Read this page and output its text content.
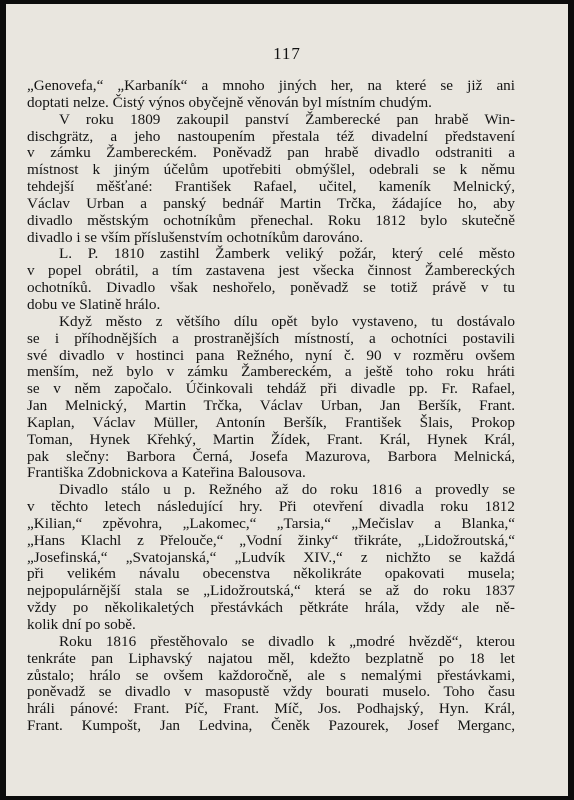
117
„Genovefa,“ „Karbaník“ a mnoho jiných her, na které se již ani
doptati nelze. Čistý výnos obyčejně věnován byl místním chudým.
V roku 1809 zakoupil panství Žamberecké pan hrabě Win-
dischgrätz, a jeho nastoupením přestala též divadelní představení
v zámku Žambereckém. Poněvadž pan hrabě divadlo odstraniti a
místnost k jiným účelům upotřebiti obmýšlel, odebrali se k němu
tehdejší měšťané: František Rafael, učitel, kameník Melnický,
Václav Urban a panský bednář Martin Trčka, žádajíce ho, aby
divadlo městským ochotníkům přenechal. Roku 1812 bylo skutečně
divadlo i se vším příslušenstvím ochotníkům darováno.
L. P. 1810 zastihl Žamberk veliký požár, který celé město
v popel obrátil, a tím zastavena jest všecka činnost Žambereckých
ochotníků. Divadlo však neshořelo, poněvadž se totiž právě v tu
dobu ve Slatině hrálo.
Když město z většího dílu opět bylo vystaveno, tu dostávalo
se i příhodnějších a prostranějších místností, a ochotníci postavili
své divadlo v hostinci pana Režného, nyní č. 90 v rozměru ovšem
menším, než bylo v zámku Žambereckém, a ještě toho roku hráti
se v něm započalo. Účinkovali tehdáž při divadle pp. Fr. Rafael,
Jan Melnický, Martin Trčka, Václav Urban, Jan Beršík, Frant.
Kaplan, Václav Müller, Antonín Beršík, František Šlais, Prokop
Toman, Hynek Křehký, Martin Žídek, Frant. Král, Hynek Král,
pak slečny: Barbora Černá, Josefa Mazurova, Barbora Melnická,
Františka Zdobnickova a Kateřina Balousova.
Divadlo stálo u p. Režného až do roku 1816 a provedly se
v těchto letech následující hry. Při otevření divadla roku 1812
„Kilian,“ zpěvohra, „Lakomec,“ „Tarsia,“ „Mečislav a Blanka,“
„Hans Klachl z Přelouče,“ „Vodní žinky“ třikráte, „Lidožroutská,“
„Josefinská,“ „Svatojanská,“ „Ludvík XIV.,“ z nichžto se každá
při velikém návalu obecenstva několikráte opakovati musela;
nejpopulárnější stala se „Lidožroutská,“ která se až do roku 1837
vždy po několikaletých přestávkách pětkráte hrála, vždy ale ně-
kolik dní po sobě.
Roku 1816 přestěhovalo se divadlo k „modré hvězdě“, kterou
tenkráte pan Liphavský najatou měl, kdežto bezplatně po 18 let
zůstalo; hrálo se ovšem každoročně, ale s nemalými přestávkami,
poněvadž se divadlo v masopustě vždy bourati muselo. Toho času
hráli pánové: Frant. Píč, Frant. Míč, Jos. Podhajský, Hyn. Král,
Frant. Kumpošt, Jan Ledvina, Čeněk Pazourek, Josef Merganc,
